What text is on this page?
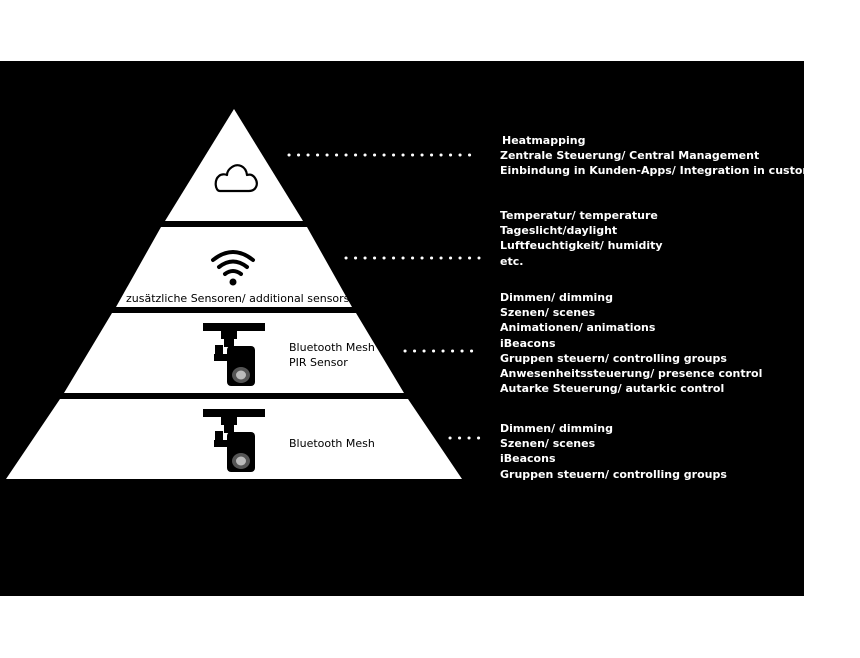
zusätzliche Sensoren/ additional sensors
Bluetooth Mesh
PIR Sensor
Bluetooth Mesh
Heatmapping
Zentrale Steuerung/ Central Management
Einbindung in Kunden-Apps/ Integration in customer apps
Temperatur/ temperature
Tageslicht/daylight
Luftfeuchtigkeit/ humidity
etc.
Dimmen/ dimming
Szenen/ scenes
Animationen/ animations
iBeacons
Gruppen steuern/ controlling groups
Anwesenheitssteuerung/ presence control
Autarke Steuerung/ autarkic control
Dimmen/ dimming
Szenen/ scenes
iBeacons
Gruppen steuern/ controlling groups
